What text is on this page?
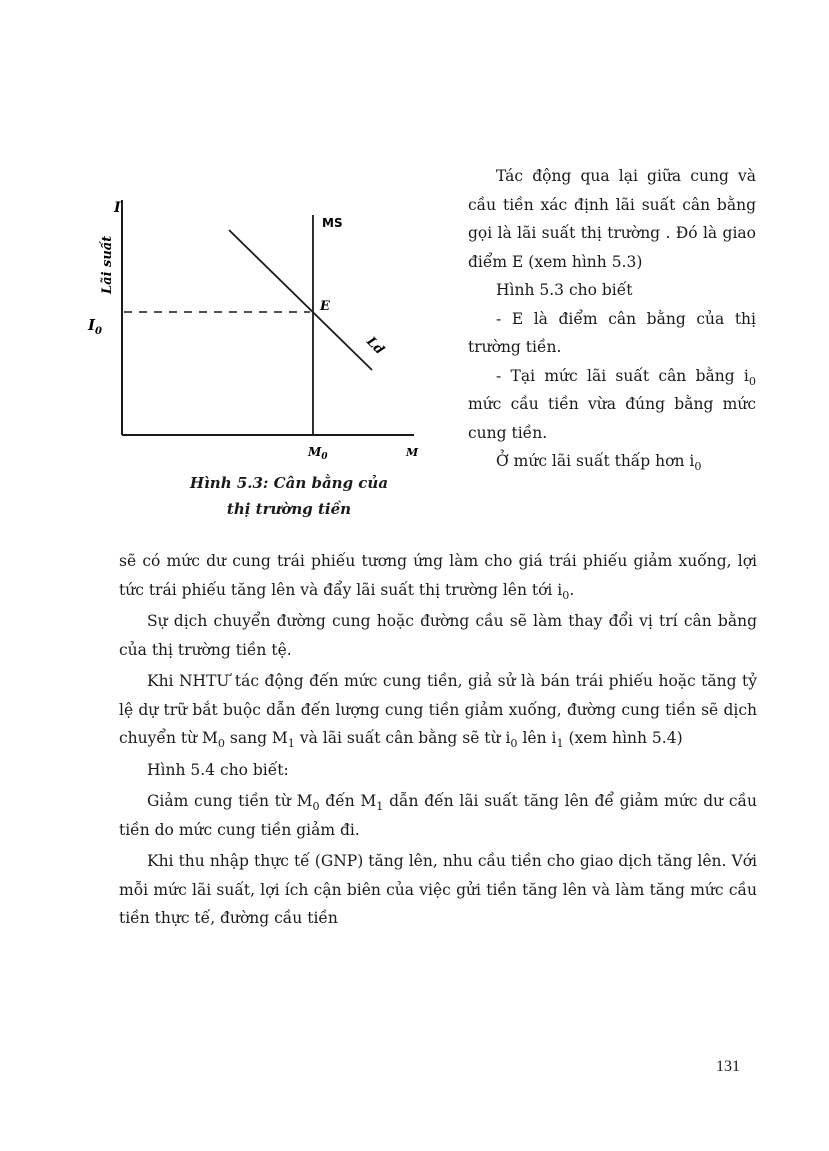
I
Lãi suất
$I_0$
MS
E
Ld
$M_0$	M
Hình 5.3: Cân bằng của
thị trường tiền

Tác động qua lại giữa cung và cầu tiền xác định lãi suất cân bằng gọi là lãi suất thị trường . Đó là giao điểm E (xem hình 5.3)

Hình 5.3 cho biết

- E là điểm cân bằng của thị trường tiền.

- Tại mức lãi suất cân bằng $i_0$ mức cầu tiền vừa đúng bằng mức cung tiền.

Ở mức lãi suất thấp hơn $i_0$

sẽ có mức dư cung trái phiếu tương ứng làm cho giá trái phiếu giảm xuống, lợi tức trái phiếu tăng lên và đẩy lãi suất thị trường lên tới $i_0$.

Sự dịch chuyển đường cung hoặc đường cầu sẽ làm thay đổi vị trí cân bằng của thị trường tiền tệ.

Khi NHTƯ tác động đến mức cung tiền, giả sử là bán trái phiếu hoặc tăng tỷ lệ dự trữ bắt buộc dẫn đến lượng cung tiền giảm xuống, đường cung tiền sẽ dịch chuyển từ $M_0$ sang $M_1$ và lãi suất cân bằng sẽ từ $i_0$ lên $i_1$ (xem hình 5.4)

Hình 5.4 cho biết:

Giảm cung tiền từ $M_0$ đến $M_1$ dẫn đến lãi suất tăng lên để giảm mức dư cầu tiền do mức cung tiền giảm đi.

Khi thu nhập thực tế (GNP) tăng lên, nhu cầu tiền cho giao dịch tăng lên. Với mỗi mức lãi suất, lợi ích cận biên của việc gửi tiền tăng lên và làm tăng mức cầu tiền thực tế, đường cầu tiền

131
